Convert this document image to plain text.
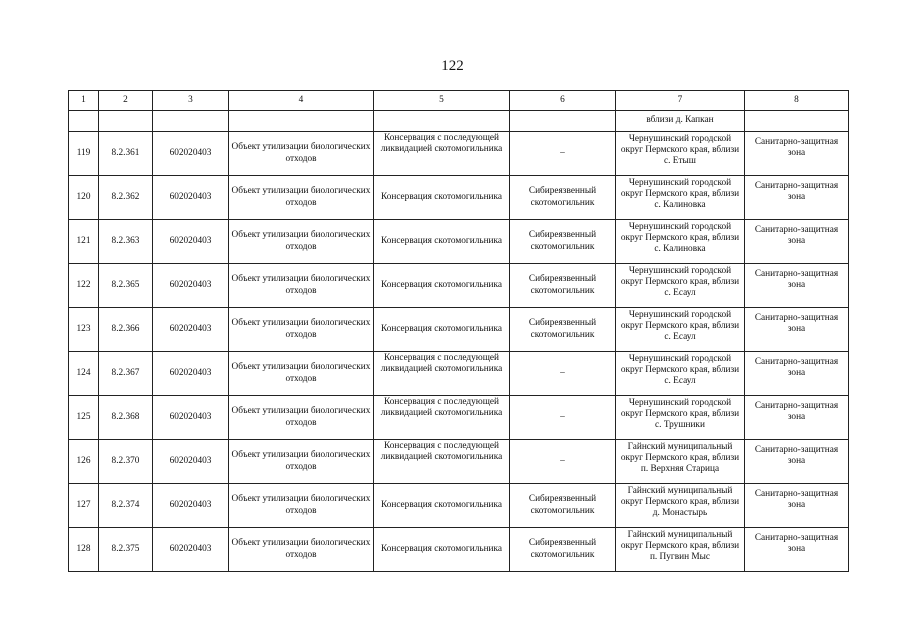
122
1	2	3	4	5	6	7	8
						вблизи д. Капкан	
119	8.2.361	602020403	Объект утилизации биологических отходов	Консервация с последующей ликвидацией скотомогильника	–	Чернушинский городской округ Пермского края, вблизи с. Етыш	Санитарно-защитная зона
120	8.2.362	602020403	Объект утилизации биологических отходов	Консервация скотомогильника	Сибиреязвенный скотомогильник	Чернушинский городской округ Пермского края, вблизи с. Калиновка	Санитарно-защитная зона
121	8.2.363	602020403	Объект утилизации биологических отходов	Консервация скотомогильника	Сибиреязвенный скотомогильник	Чернушинский городской округ Пермского края, вблизи с. Калиновка	Санитарно-защитная зона
122	8.2.365	602020403	Объект утилизации биологических отходов	Консервация скотомогильника	Сибиреязвенный скотомогильник	Чернушинский городской округ Пермского края, вблизи с. Есаул	Санитарно-защитная зона
123	8.2.366	602020403	Объект утилизации биологических отходов	Консервация скотомогильника	Сибиреязвенный скотомогильник	Чернушинский городской округ Пермского края, вблизи с. Есаул	Санитарно-защитная зона
124	8.2.367	602020403	Объект утилизации биологических отходов	Консервация с последующей ликвидацией скотомогильника	–	Чернушинский городской округ Пермского края, вблизи с. Есаул	Санитарно-защитная зона
125	8.2.368	602020403	Объект утилизации биологических отходов	Консервация с последующей ликвидацией скотомогильника	–	Чернушинский городской округ Пермского края, вблизи с. Трушники	Санитарно-защитная зона
126	8.2.370	602020403	Объект утилизации биологических отходов	Консервация с последующей ликвидацией скотомогильника	–	Гайнский муниципальный округ Пермского края, вблизи п. Верхняя Старица	Санитарно-защитная зона
127	8.2.374	602020403	Объект утилизации биологических отходов	Консервация скотомогильника	Сибиреязвенный скотомогильник	Гайнский муниципальный округ Пермского края, вблизи д. Монастырь	Санитарно-защитная зона
128	8.2.375	602020403	Объект утилизации биологических отходов	Консервация скотомогильника	Сибиреязвенный скотомогильник	Гайнский муниципальный округ Пермского края, вблизи п. Пугвин Мыс	Санитарно-защитная зона
